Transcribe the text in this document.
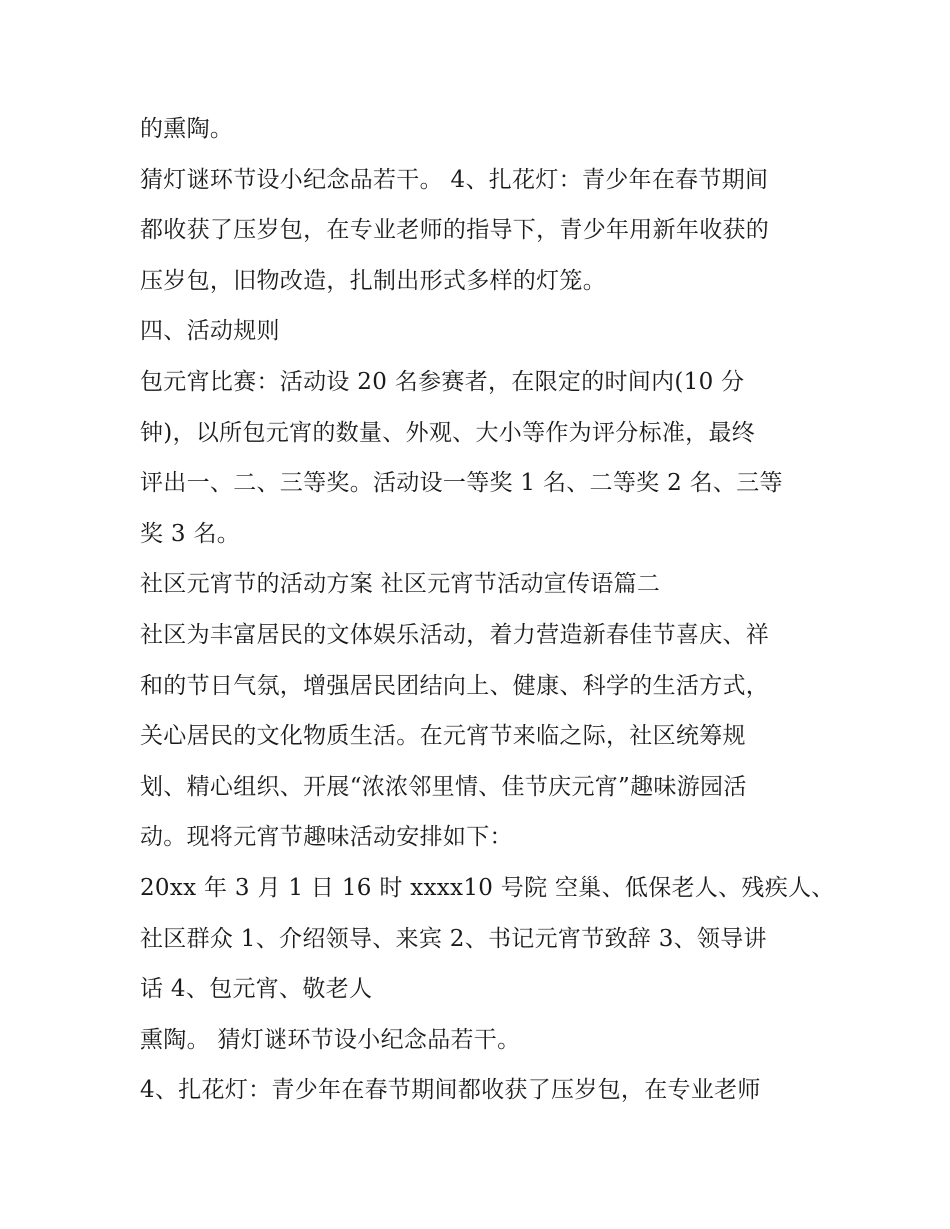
的熏陶。
猜灯谜环节设小纪念品若干。 4、扎花灯：青少年在春节期间
都收获了压岁包，在专业老师的指导下，青少年用新年收获的
压岁包，旧物改造，扎制出形式多样的灯笼。
四、活动规则
包元宵比赛：活动设 20 名参赛者，在限定的时间内(10 分
钟)，以所包元宵的数量、外观、大小等作为评分标准，最终
评出一、二、三等奖。活动设一等奖 1 名、二等奖 2 名、三等
奖 3 名。
社区元宵节的活动方案 社区元宵节活动宣传语篇二
社区为丰富居民的文体娱乐活动，着力营造新春佳节喜庆、祥
和的节日气氛，增强居民团结向上、健康、科学的生活方式，
关心居民的文化物质生活。在元宵节来临之际，社区统筹规
划、精心组织、开展“浓浓邻里情、佳节庆元宵”趣味游园活
动。现将元宵节趣味活动安排如下：
20xx 年 3 月 1 日 16 时 xxxx10 号院 空巢、低保老人、残疾人、
社区群众 1、介绍领导、来宾 2、书记元宵节致辞 3、领导讲
话 4、包元宵、敬老人
熏陶。 猜灯谜环节设小纪念品若干。
4、扎花灯：青少年在春节期间都收获了压岁包，在专业老师
